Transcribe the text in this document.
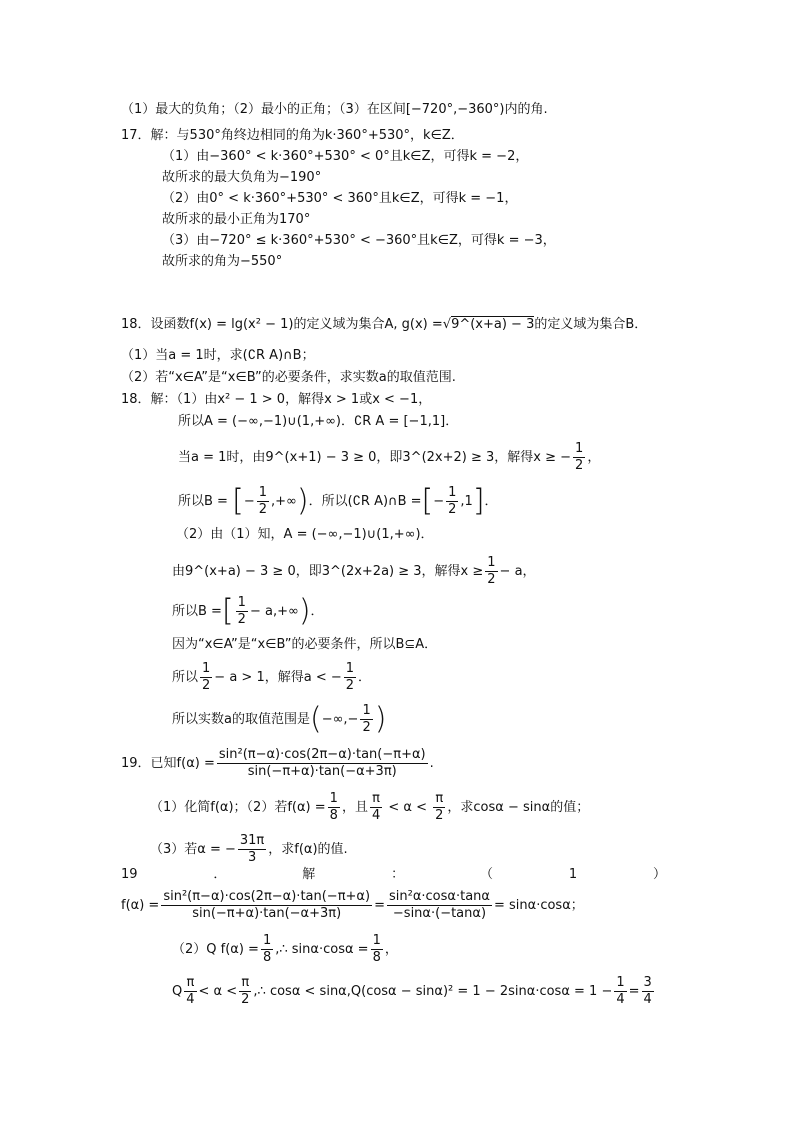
（1）最大的负角；（2）最小的正角；（3）在区间[−720°,−360°)内的角.
17．解：与530°角终边相同的角为k·360°+530°，k∈Z．
（1）由−360° < k·360°+530° < 0°且k∈Z，可得k = −2，
故所求的最大负角为−190°
（2）由0° < k·360°+530° < 360°且k∈Z，可得k = −1，
故所求的最小正角为170°
（3）由−720° ≤ k·360°+530° < −360°且k∈Z，可得k = −3，
故所求的角为−550°
18．设函数f(x) = lg(x² − 1)的定义域为集合A, g(x) =√9^(x+a) − 3的定义域为集合B．
（1）当a = 1时，求(∁R A)∩B；
（2）若“x∈A”是“x∈B”的必要条件，求实数a的取值范围.
18．解：（1）由x² − 1 > 0，解得x > 1或x < −1，
所以A = (−∞,−1)∪(1,+∞)．∁R A = [−1,1]．
当a = 1时，由9^(x+1) − 3 ≥ 0，即3^(2x+2) ≥ 3，解得x ≥ − $\frac{1}{2}$ ，
所以B = [− $\frac{1}{2}$ ,+∞)．所以(∁R A)∩B =[− $\frac{1}{2} ,1$]．
（2）由（1）知，A = (−∞,−1)∪(1,+∞)．
由9^(x+a) − 3 ≥ 0，即3^(2x+2a) ≥ 3，解得$x \ge \frac{1}{2} - a$，
所以B =[ $\frac{1}{2} - a,+\infty$)．
因为“x∈A”是“x∈B”的必要条件，所以B⊆A．
所以 $\frac{1}{2} - a > 1$，解得a < − $\frac{1}{2}$ ．
所以实数a的取值范围是(−∞,− $\frac{1}{2}$ )
19．已知$f(\alpha) = \frac{\text{sin²(π−α)·cos(2π−α)·tan(−π+α)}}{\sin(-\pi+\alpha)\cdot\tan(-\alpha+3\pi)}$ .
（1）化简f(α)；（2）若$f(\alpha) = \frac{1}{8}$ ，且 $\frac{\pi}{4} < \alpha < \frac{\pi}{2}$ ，求cosα − sinα的值；
（3）若α = − $\frac{31\pi}{3}$ ，求f(α)的值.
19	．	解	：	（	1	）
$f(\alpha) = \frac{\text{sin²(π−α)·cos(2π−α)·tan(−π+α)}}{\sin(-\pi+\alpha)\cdot\tan(-\alpha+3\pi)} = \frac{\text{sin²α·cosα·tanα}}{-\sin\alpha\cdot(-\tan\alpha)} = \sin\alpha\cdot\cos\alpha$；
（2）Q $f(\alpha) = \frac{1}{8}$ ,∴ $\sin\alpha\cdot\cos\alpha = \frac{1}{8}$ ，
Q $\frac{\pi}{4} < \alpha < \frac{\pi}{2}$ ,∴ $\cos\alpha < \sin\alpha,Q(\cos\alpha - \sin\alpha)^2 = 1 - 2\sin\alpha\cdot\cos\alpha = 1 - \frac{1}{4} = \frac{3}{4}$
